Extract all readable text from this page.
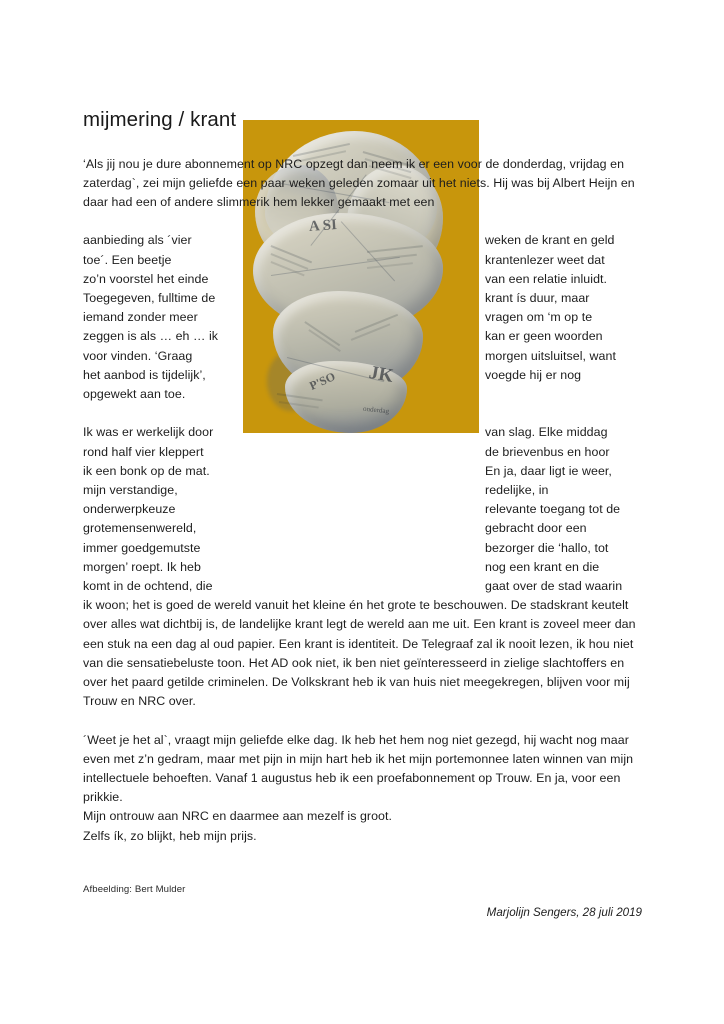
A SI
JK
P'SO
onderdag
mijmering / krant

‘Als jij nou je dure abonnement op NRC opzegt dan neem ik er een voor de donderdag, vrijdag en zaterdag`, zei mijn geliefde een paar weken geleden zomaar uit het niets. Hij was bij Albert Heijn en daar had een of andere slimmerik hem lekker gemaakt met een

aanbieding als ´vier
toe´. Een beetje
zo’n voorstel het einde
Toegegeven, fulltime de
iemand zonder meer
zeggen is als … eh … ik
voor vinden. ‘Graag
het aanbod is tijdelijk’,
opgewekt aan toe.
weken de krant en geld
krantenlezer weet dat
van een relatie inluidt.
krant ís duur, maar
vragen om ‘m op te
kan er geen woorden
morgen uitsluitsel, want
voegde hij er nog
Ik was er werkelijk door
rond half vier kleppert
ik een bonk op de mat.
mijn verstandige,
onderwerpkeuze
grotemensenwereld,
immer goedgemutste
morgen’ roept. Ik heb
komt in de ochtend, die
van slag. Elke middag
de brievenbus en hoor
En ja, daar ligt ie weer,
redelijke, in
relevante toegang tot de
gebracht door een
bezorger die ‘hallo, tot
nog een krant en die
gaat over de stad waarin

ik woon; het is goed de wereld vanuit het kleine én het grote te beschouwen. De stadskrant keutelt over alles wat dichtbij is, de landelijke krant legt de wereld aan me uit. Een krant is zoveel meer dan een stuk na een dag al oud papier. Een krant is identiteit. De Telegraaf zal ik nooit lezen, ik hou niet van die sensatiebeluste toon. Het AD ook niet, ik ben niet geïnteresseerd in zielige slachtoffers en over het paard getilde criminelen. De Volkskrant heb ik van huis niet meegekregen, blijven voor mij Trouw en NRC over.

´Weet je het al`, vraagt mijn geliefde elke dag. Ik heb het hem nog niet gezegd, hij wacht nog maar even met z’n gedram, maar met pijn in mijn hart heb ik het mijn portemonnee laten winnen van mijn intellectuele behoeften. Vanaf 1 augustus heb ik een proefabonnement op Trouw. En ja, voor een prikkie.
Mijn ontrouw aan NRC en daarmee aan mezelf is groot.
Zelfs ík, zo blijkt, heb mijn prijs.

Marjolijn Sengers, 28 juli 2019

Afbeelding: Bert Mulder
